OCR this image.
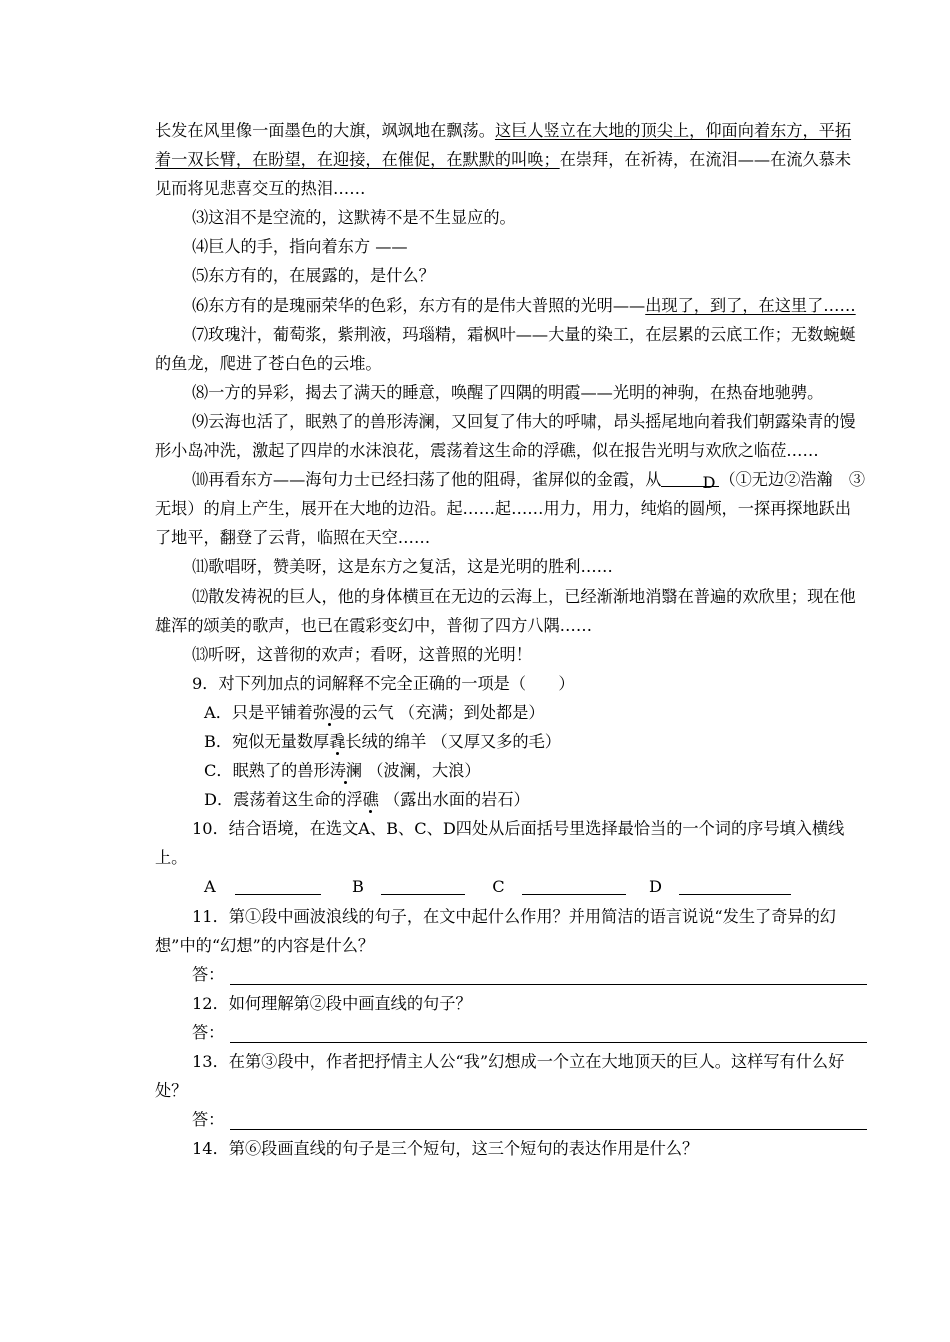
长发在风里像一面墨色的大旗，飒飒地在飘荡。这巨人竖立在大地的顶尖上，仰面向着东方，平拓着一双长臂，在盼望，在迎接，在催促，在默默的叫唤；在崇拜，在祈祷，在流泪——在流久慕未见而将见悲喜交互的热泪……

⑶这泪不是空流的，这默祷不是不生显应的。

⑷巨人的手，指向着东方 ——

⑸东方有的，在展露的，是什么？

⑹东方有的是瑰丽荣华的色彩，东方有的是伟大普照的光明——出现了，到了，在这里了……

⑺玫瑰汁，葡萄浆，紫荆液，玛瑙精，霜枫叶——大量的染工，在层累的云底工作；无数蜿蜒的鱼龙，爬进了苍白色的云堆。

⑻一方的异彩，揭去了满天的睡意，唤醒了四隅的明霞——光明的神驹，在热奋地驰骋。

⑼云海也活了，眠熟了的兽形涛澜，又回复了伟大的呼啸，昂头摇尾地向着我们朝露染青的馒形小岛冲洗，激起了四岸的水沫浪花，震荡着这生命的浮礁，似在报告光明与欢欣之临莅……

⑽再看东方——海句力士已经扫荡了他的阻碍，雀屏似的金霞，从	D （①无边②浩瀚　③无垠）的肩上产生，展开在大地的边沿。起……起……用力，用力，纯焰的圆颅，一探再探地跃出了地平，翻登了云背，临照在天空……

⑾歌唱呀，赞美呀，这是东方之复活，这是光明的胜利……

⑿散发祷祝的巨人，他的身体横亘在无边的云海上，已经渐渐地消翳在普遍的欢欣里；现在他雄浑的颂美的歌声，也已在霞彩变幻中，普彻了四方八隅……

⒀听呀，这普彻的欢声；看呀，这普照的光明！

9．对下列加点的词解释不完全正确的一项是（　　）

A．只是平铺着弥漫的云气 （充满；到处都是）

B．宛似无量数厚毳长绒的绵羊 （又厚又多的毛）

C．眠熟了的兽形涛澜 （波澜，大浪）

D．震荡着这生命的浮礁 （露出水面的岩石）

10．结合语境，在选文A、B、C、D四处从后面括号里选择最恰当的一个词的序号填入横线上。

A	B	C	D

11．第①段中画波浪线的句子，在文中起什么作用？并用简洁的语言说说“发生了奇异的幻想”中的“幻想”的内容是什么？

答：

12．如何理解第②段中画直线的句子？

答：

13．在第③段中，作者把抒情主人公“我”幻想成一个立在大地顶天的巨人。这样写有什么好处？

答：

14．第⑥段画直线的句子是三个短句，这三个短句的表达作用是什么？
